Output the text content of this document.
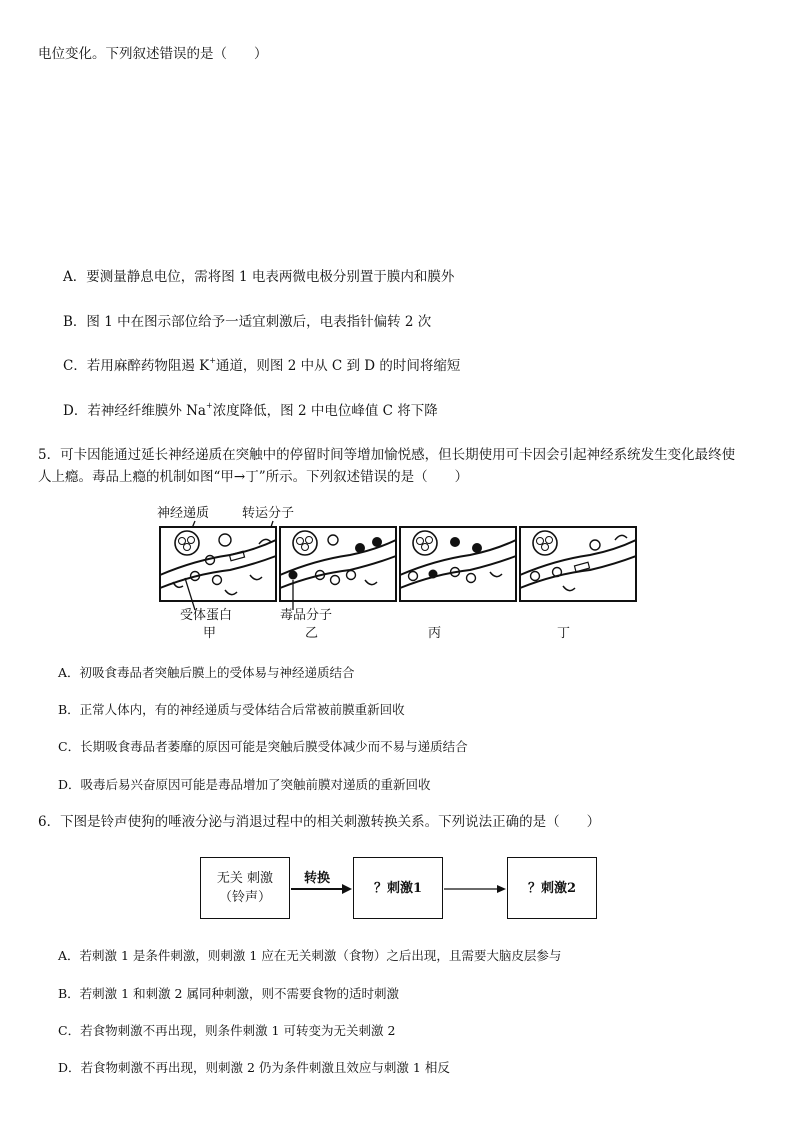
电位变化。下列叙述错误的是（　　）
A．要测量静息电位，需将图 1 电表两微电极分别置于膜内和膜外
B．图 1 中在图示部位给予一适宜刺激后，电表指针偏转 2 次
C．若用麻醉药物阻遏 K+通道，则图 2 中从 C 到 D 的时间将缩短
D．若神经纤维膜外 Na+浓度降低，图 2 中电位峰值 C 将下降
5．可卡因能通过延长神经递质在突触中的停留时间等增加愉悦感，但长期使用可卡因会引起神经系统发生变化最终使
人上瘾。毒品上瘾的机制如图“甲→丁”所示。下列叙述错误的是（　　）
神经递质	转运分子
受体蛋白	毒品分子
甲	乙	丙	丁
A．初吸食毒品者突触后膜上的受体易与神经递质结合
B．正常人体内，有的神经递质与受体结合后常被前膜重新回收
C．长期吸食毒品者萎靡的原因可能是突触后膜受体减少而不易与递质结合
D．吸毒后易兴奋原因可能是毒品增加了突触前膜对递质的重新回收
6．下图是铃声使狗的唾液分泌与消退过程中的相关刺激转换关系。下列说法正确的是（　　）
无关 刺激
（铃声）
转换
？刺激1	？刺激2
A．若刺激 1 是条件刺激，则刺激 1 应在无关刺激（食物）之后出现，且需要大脑皮层参与
B．若刺激 1 和刺激 2 属同种刺激，则不需要食物的适时刺激
C．若食物刺激不再出现，则条件刺激 1 可转变为无关刺激 2
D．若食物刺激不再出现，则刺激 2 仍为条件刺激且效应与刺激 1 相反
